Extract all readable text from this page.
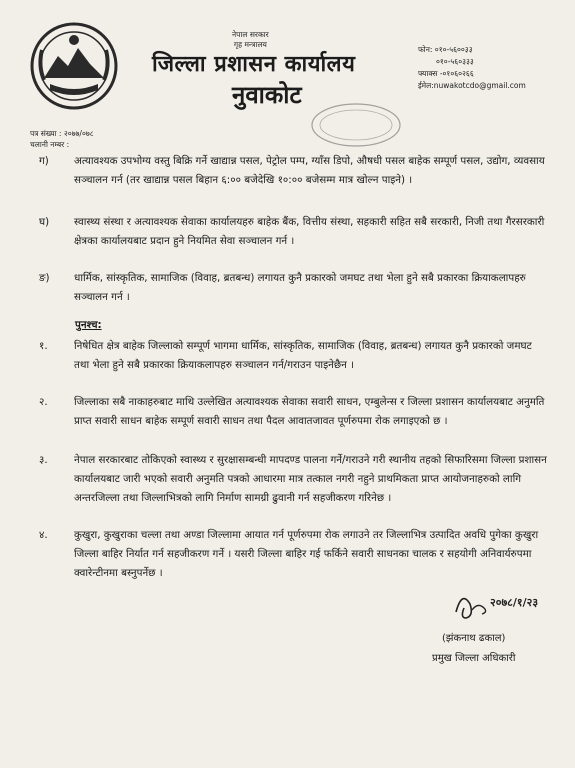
नेपाल सरकार
गृह मन्त्रालय
जिल्ला प्रशासन कार्यालय
नुवाकोट
फोन: ०१०-५६००३३
०१०-५६०३३३
फ्याक्स -०१०६०२६६
ईमेल:nuwakotcdo@gmail.com
पत्र संख्या : २०७७/०७८
चलानी नम्बर :
ग) अत्यावश्यक उपभोग्य वस्तु बिक्रि गर्ने खाद्यान्न पसल, पेट्रोल पम्प, ग्याँस डिपो, औषधी पसल बाहेक सम्पूर्ण पसल, उद्योग, व्यवसाय सञ्चालन गर्न (तर खाद्यान्न पसल बिहान ६:०० बजेदेखि १०:०० बजेसम्म मात्र खोल्न पाइने) ।
घ) स्वास्थ्य संस्था र अत्यावश्यक सेवाका कार्यालयहरु बाहेक बैंक, वित्तीय संस्था, सहकारी सहित सबै सरकारी, निजी तथा गैरसरकारी क्षेत्रका कार्यालयबाट प्रदान हुने नियमित सेवा सञ्चालन गर्न ।
ङ) धार्मिक, सांस्कृतिक, सामाजिक (विवाह, ब्रतबन्ध) लगायत कुनै प्रकारको जमघट तथा भेला हुने सबै प्रकारका क्रियाकलापहरु सञ्चालन गर्न ।
पुनश्च:
१.	निषेधित क्षेत्र बाहेक जिल्लाको सम्पूर्ण भागमा धार्मिक, सांस्कृतिक, सामाजिक (विवाह, ब्रतबन्ध) लगायत कुनै प्रकारको जमघट तथा भेला हुने सबै प्रकारका क्रियाकलापहरु सञ्चालन गर्न/गराउन पाइनेछैन ।
२.	जिल्लाका सबै नाकाहरुबाट माथि उल्लेखित अत्यावश्यक सेवाका सवारी साधन, एम्बुलेन्स र जिल्ला प्रशासन कार्यालयबाट अनुमति प्राप्त सवारी साधन बाहेक सम्पूर्ण सवारी साधन तथा पैदल आवातजावत पूर्णरुपमा रोक लगाइएको छ ।
३.	नेपाल सरकारबाट तोकिएको स्वास्थ्य र सुरक्षासम्बन्धी मापदण्ड पालना गर्ने/गराउने गरी स्थानीय तहको सिफारिसमा जिल्ला प्रशासन कार्यालयबाट जारी भएको सवारी अनुमति पत्रको आधारमा मात्र तत्काल नगरी नहुने प्राथमिकता प्राप्त आयोजनाहरुको लागि अन्तरजिल्ला तथा जिल्लाभित्रको लागि निर्माण सामग्री ढुवानी गर्न सहजीकरण गरिनेछ ।
४.	कुखुरा, कुखुराका चल्ला तथा अण्डा जिल्लामा आयात गर्न पूर्णरुपमा रोक लगाउने तर जिल्लाभित्र उत्पादित अवधि पुगेका कुखुरा जिल्ला बाहिर निर्यात गर्न सहजीकरण गर्ने । यसरी जिल्ला बाहिर गई फर्किने सवारी साधनका चालक र सहयोगी अनिवार्यरुपमा क्वारेन्टीनमा बस्नुपर्नेछ ।
२०७८/१/२३
(झंकनाथ ढकाल)
प्रमुख जिल्ला अधिकारी
